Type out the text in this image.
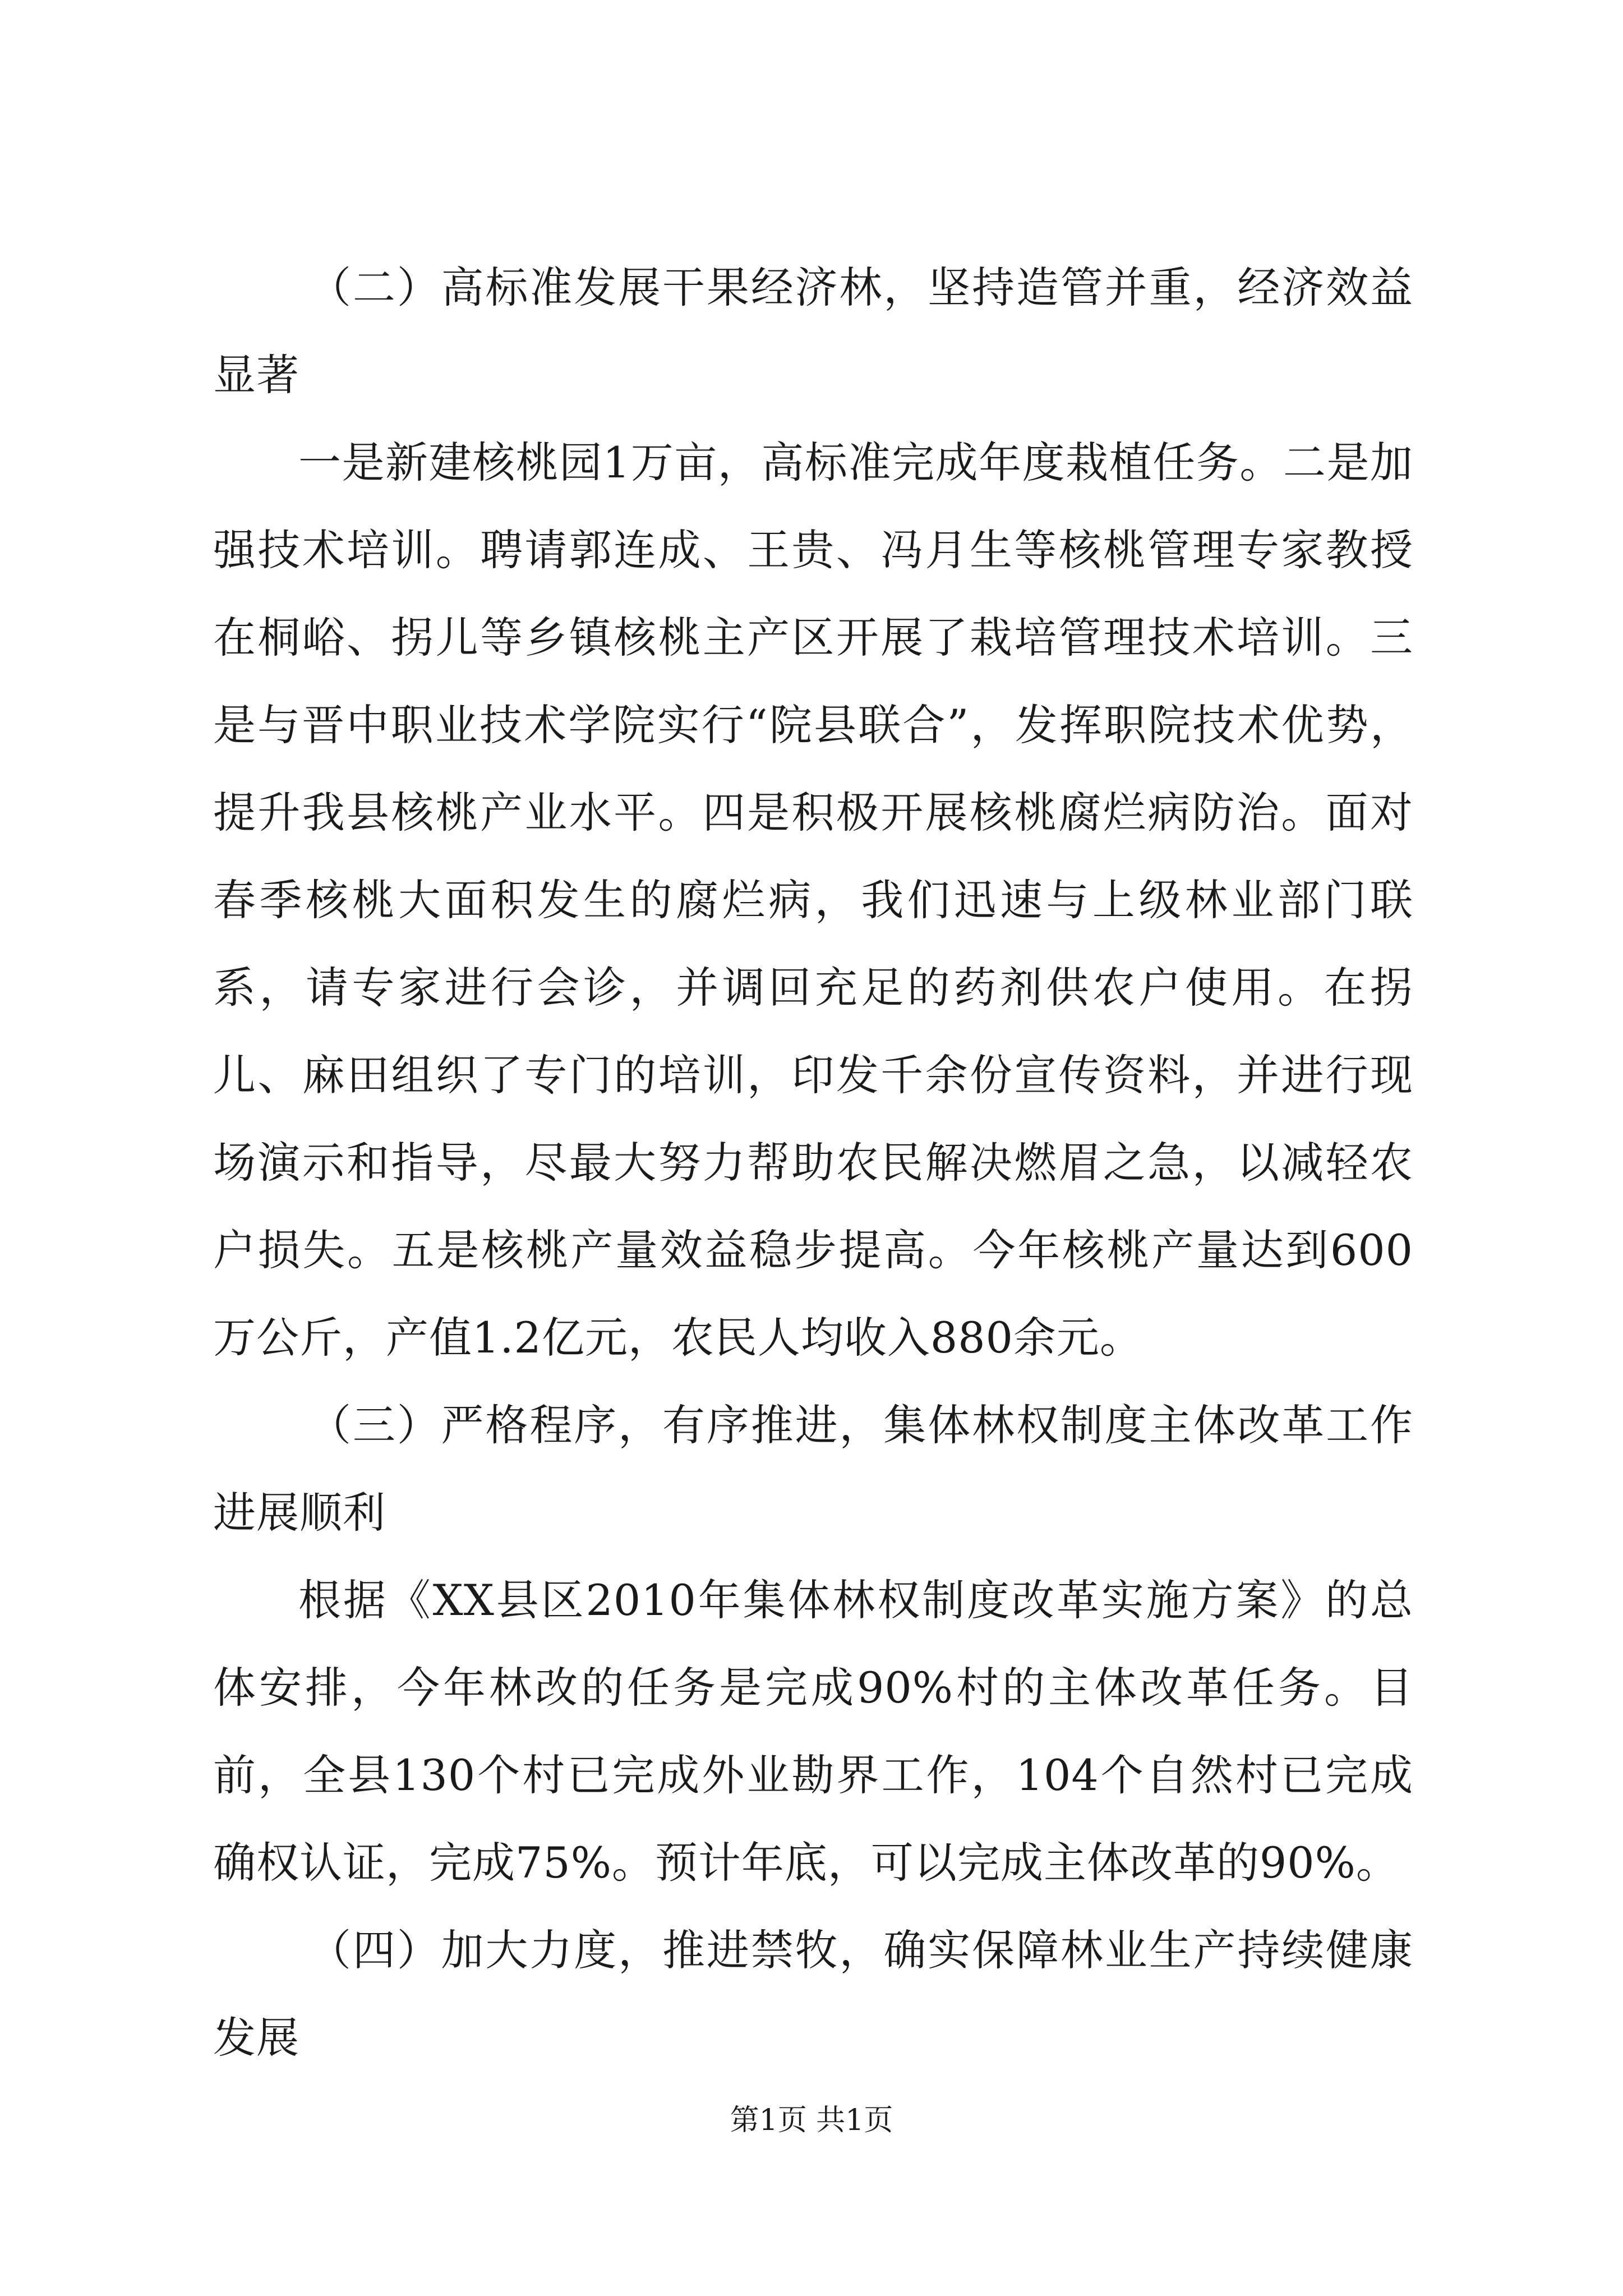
（二）高标准发展干果经济林，坚持造管并重，经济效益显著

一是新建核桃园1万亩，高标准完成年度栽植任务。二是加强技术培训。聘请郭连成、王贵、冯月生等核桃管理专家教授在桐峪、拐儿等乡镇核桃主产区开展了栽培管理技术培训。三是与晋中职业技术学院实行“院县联合”，发挥职院技术优势，提升我县核桃产业水平。四是积极开展核桃腐烂病防治。面对春季核桃大面积发生的腐烂病，我们迅速与上级林业部门联系，请专家进行会诊，并调回充足的药剂供农户使用。在拐儿、麻田组织了专门的培训，印发千余份宣传资料，并进行现场演示和指导，尽最大努力帮助农民解决燃眉之急，以减轻农户损失。五是核桃产量效益稳步提高。今年核桃产量达到600万公斤，产值1.2亿元，农民人均收入880余元。

（三）严格程序，有序推进，集体林权制度主体改革工作进展顺利

根据《XX县区2010年集体林权制度改革实施方案》的总体安排，今年林改的任务是完成90%村的主体改革任务。目前，全县130个村已完成外业勘界工作，104个自然村已完成确权认证，完成75%。预计年底，可以完成主体改革的90%。

（四）加大力度，推进禁牧，确实保障林业生产持续健康发展

第1页 共1页
